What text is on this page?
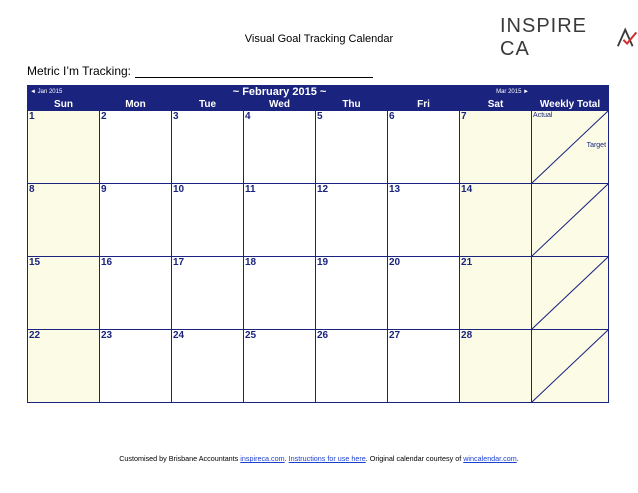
Visual Goal Tracking Calendar
INSPIRE CA
Metric I’m Tracking:
◄ Jan 2015	~ February 2015 ~					Mar 2015 ►	
Sun	Mon	Tue	Wed	Thu	Fri	Sat	Weekly Total

1	2	3	4	5	6	7	Actual
Target

8	9	10	11	12	13	14

15	16	17	18	19	20	21

22	23	24	25	26	27	28

Customised by Brisbane Accountants inspireca.com. Instructions for use here. Original calendar courtesy of wincalendar.com.
